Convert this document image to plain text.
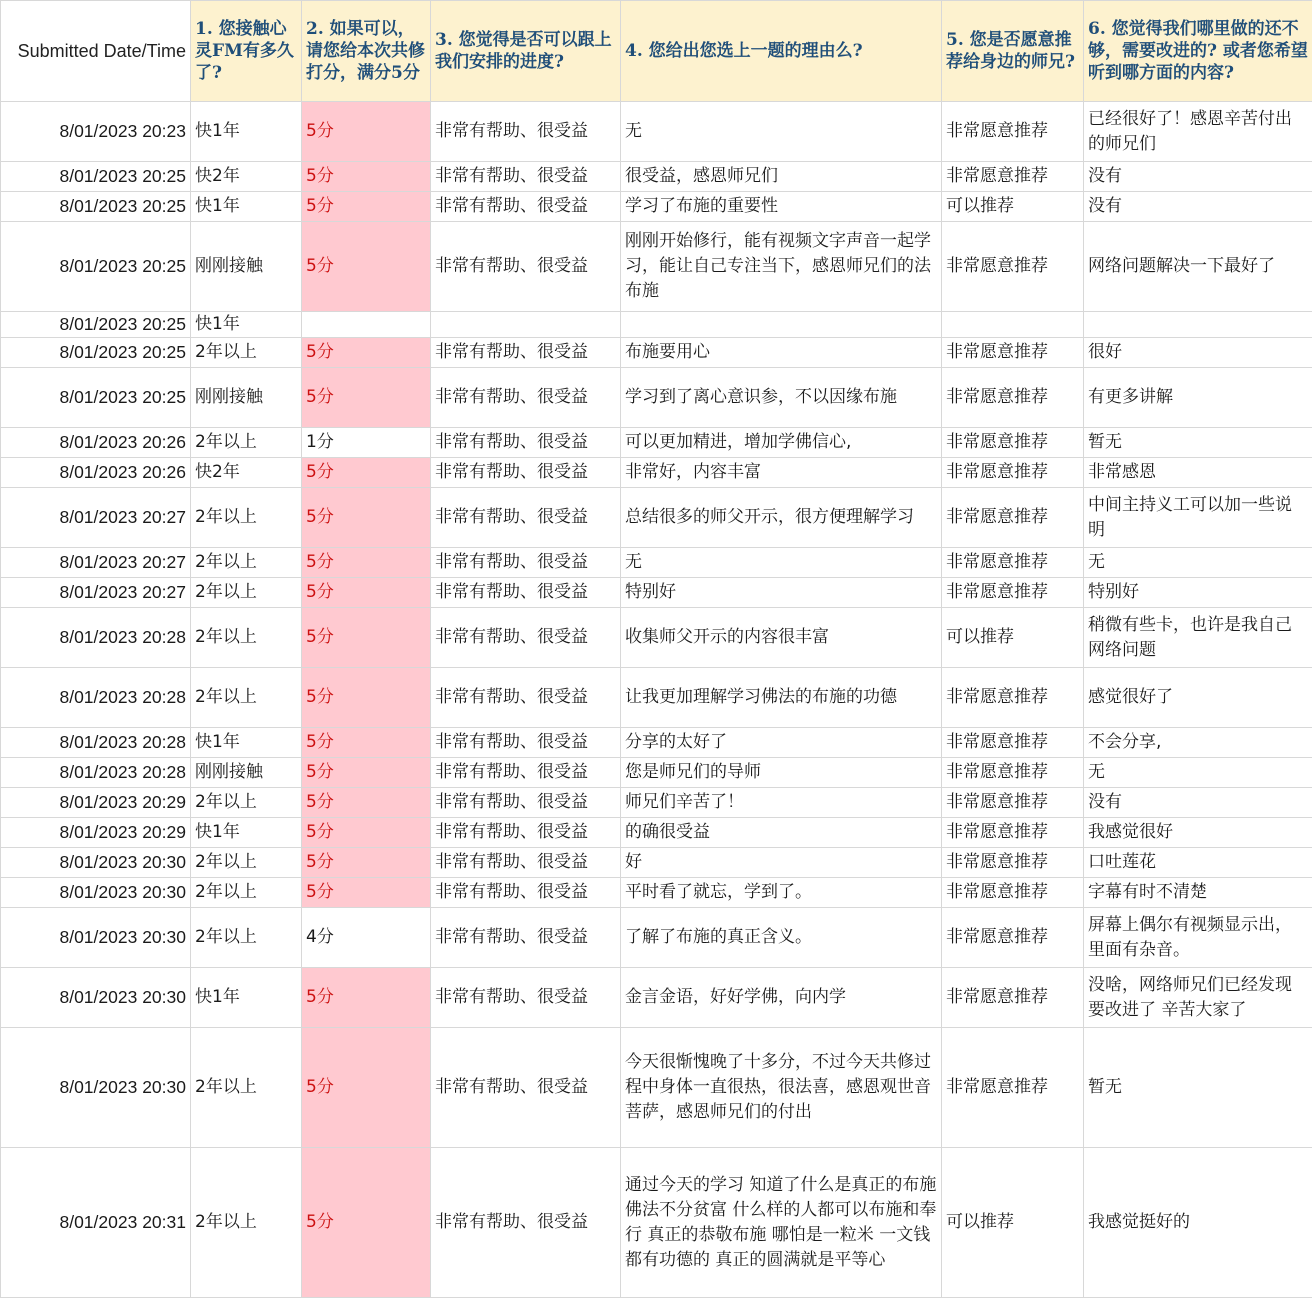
Submitted Date/Time	1. 您接触心灵FM有多久了?	2. 如果可以，请您给本次共修打分，满分5分	3. 您觉得是否可以跟上我们安排的进度?	4. 您给出您选上一题的理由么?	5. 您是否愿意推荐给身边的师兄?	6. 您觉得我们哪里做的还不够，需要改进的? 或者您希望听到哪方面的内容?
8/01/2023 20:23	快1年	5分	非常有帮助、很受益	无	非常愿意推荐	已经很好了！感恩辛苦付出的师兄们
8/01/2023 20:25	快2年	5分	非常有帮助、很受益	很受益，感恩师兄们	非常愿意推荐	没有
8/01/2023 20:25	快1年	5分	非常有帮助、很受益	学习了布施的重要性	可以推荐	没有
8/01/2023 20:25	刚刚接触	5分	非常有帮助、很受益	刚刚开始修行，能有视频文字声音一起学习，能让自己专注当下，感恩师兄们的法布施	非常愿意推荐	网络问题解决一下最好了
8/01/2023 20:25	快1年					
8/01/2023 20:25	2年以上	5分	非常有帮助、很受益	布施要用心	非常愿意推荐	很好
8/01/2023 20:25	刚刚接触	5分	非常有帮助、很受益	学习到了离心意识参，不以因缘布施	非常愿意推荐	有更多讲解
8/01/2023 20:26	2年以上	1分	非常有帮助、很受益	可以更加精进，增加学佛信心,	非常愿意推荐	暂无
8/01/2023 20:26	快2年	5分	非常有帮助、很受益	非常好，内容丰富	非常愿意推荐	非常感恩
8/01/2023 20:27	2年以上	5分	非常有帮助、很受益	总结很多的师父开示，很方便理解学习	非常愿意推荐	中间主持义工可以加一些说明
8/01/2023 20:27	2年以上	5分	非常有帮助、很受益	无	非常愿意推荐	无
8/01/2023 20:27	2年以上	5分	非常有帮助、很受益	特别好	非常愿意推荐	特别好
8/01/2023 20:28	2年以上	5分	非常有帮助、很受益	收集师父开示的内容很丰富	可以推荐	稍微有些卡，也许是我自己网络问题
8/01/2023 20:28	2年以上	5分	非常有帮助、很受益	让我更加理解学习佛法的布施的功德	非常愿意推荐	感觉很好了
8/01/2023 20:28	快1年	5分	非常有帮助、很受益	分享的太好了	非常愿意推荐	不会分享,
8/01/2023 20:28	刚刚接触	5分	非常有帮助、很受益	您是师兄们的导师	非常愿意推荐	无
8/01/2023 20:29	2年以上	5分	非常有帮助、很受益	师兄们辛苦了！	非常愿意推荐	没有
8/01/2023 20:29	快1年	5分	非常有帮助、很受益	的确很受益	非常愿意推荐	我感觉很好
8/01/2023 20:30	2年以上	5分	非常有帮助、很受益	好	非常愿意推荐	口吐莲花
8/01/2023 20:30	2年以上	5分	非常有帮助、很受益	平时看了就忘，学到了。	非常愿意推荐	字幕有时不清楚
8/01/2023 20:30	2年以上	4分	非常有帮助、很受益	了解了布施的真正含义。	非常愿意推荐	屏幕上偶尔有视频显示出，里面有杂音。
8/01/2023 20:30	快1年	5分	非常有帮助、很受益	金言金语，好好学佛，向内学	非常愿意推荐	没啥，网络师兄们已经发现要改进了 辛苦大家了
8/01/2023 20:30	2年以上	5分	非常有帮助、很受益	今天很惭愧晚了十多分，不过今天共修过程中身体一直很热，很法喜，感恩观世音菩萨，感恩师兄们的付出	非常愿意推荐	暂无
8/01/2023 20:31	2年以上	5分	非常有帮助、很受益	通过今天的学习 知道了什么是真正的布施 佛法不分贫富 什么样的人都可以布施和奉行 真正的恭敬布施 哪怕是一粒米 一文钱 都有功德的 真正的圆满就是平等心	可以推荐	我感觉挺好的
